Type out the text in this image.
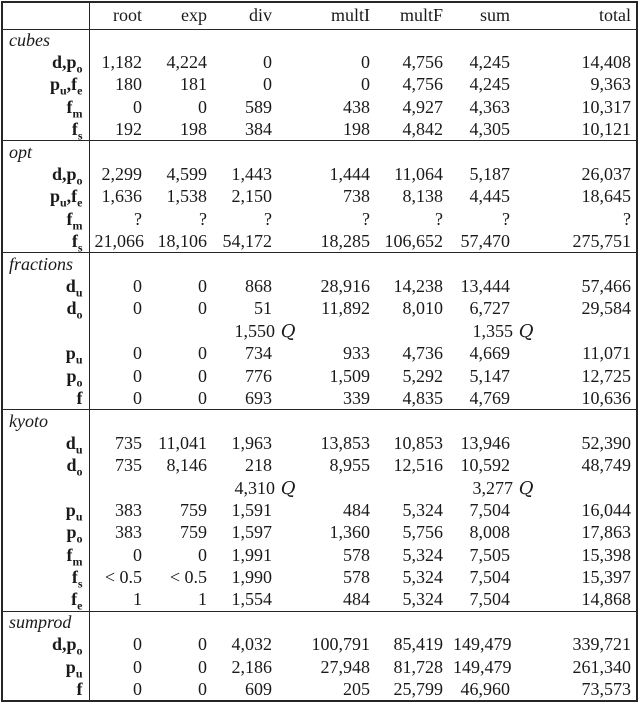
	root	exp	div	multI	multF	sum	total
cubes							
$d,p_o$	1,182	4,224	0	0	4,756	4,245	14,408
$p_u,f_e$	180	181	0	0	4,756	4,245	9,363
$f_m$	0	0	589	438	4,927	4,363	10,317
$f_s$	192	198	384	198	4,842	4,305	10,121
opt							
$d,p_o$	2,299	4,599	1,443	1,444	11,064	5,187	26,037
$p_u,f_e$	1,636	1,538	2,150	738	8,138	4,445	18,645
$f_m$	?	?	?	?	?	?	?
$f_s$	21,066	18,106	54,172	18,285	106,652	57,470	275,751
fractions							
$d_u$	0	0	868	28,916	14,238	13,444	57,466
$d_o$	0	0	51	11,892	8,010	6,727	29,584
			1,550 Q			1,355 Q	
$p_u$	0	0	734	933	4,736	4,669	11,071
$p_o$	0	0	776	1,509	5,292	5,147	12,725
f	0	0	693	339	4,835	4,769	10,636
kyoto							
$d_u$	735	11,041	1,963	13,853	10,853	13,946	52,390
$d_o$	735	8,146	218	8,955	12,516	10,592	48,749
			4,310 Q			3,277 Q	
$p_u$	383	759	1,591	484	5,324	7,504	16,044
$p_o$	383	759	1,597	1,360	5,756	8,008	17,863
$f_m$	0	0	1,991	578	5,324	7,505	15,398
$f_s$	< 0.5	< 0.5	1,990	578	5,324	7,504	15,397
$f_e$	1	1	1,554	484	5,324	7,504	14,868
sumprod							
$d,p_o$	0	0	4,032	100,791	85,419	149,479	339,721
$p_u$	0	0	2,186	27,948	81,728	149,479	261,340
f	0	0	609	205	25,799	46,960	73,573
